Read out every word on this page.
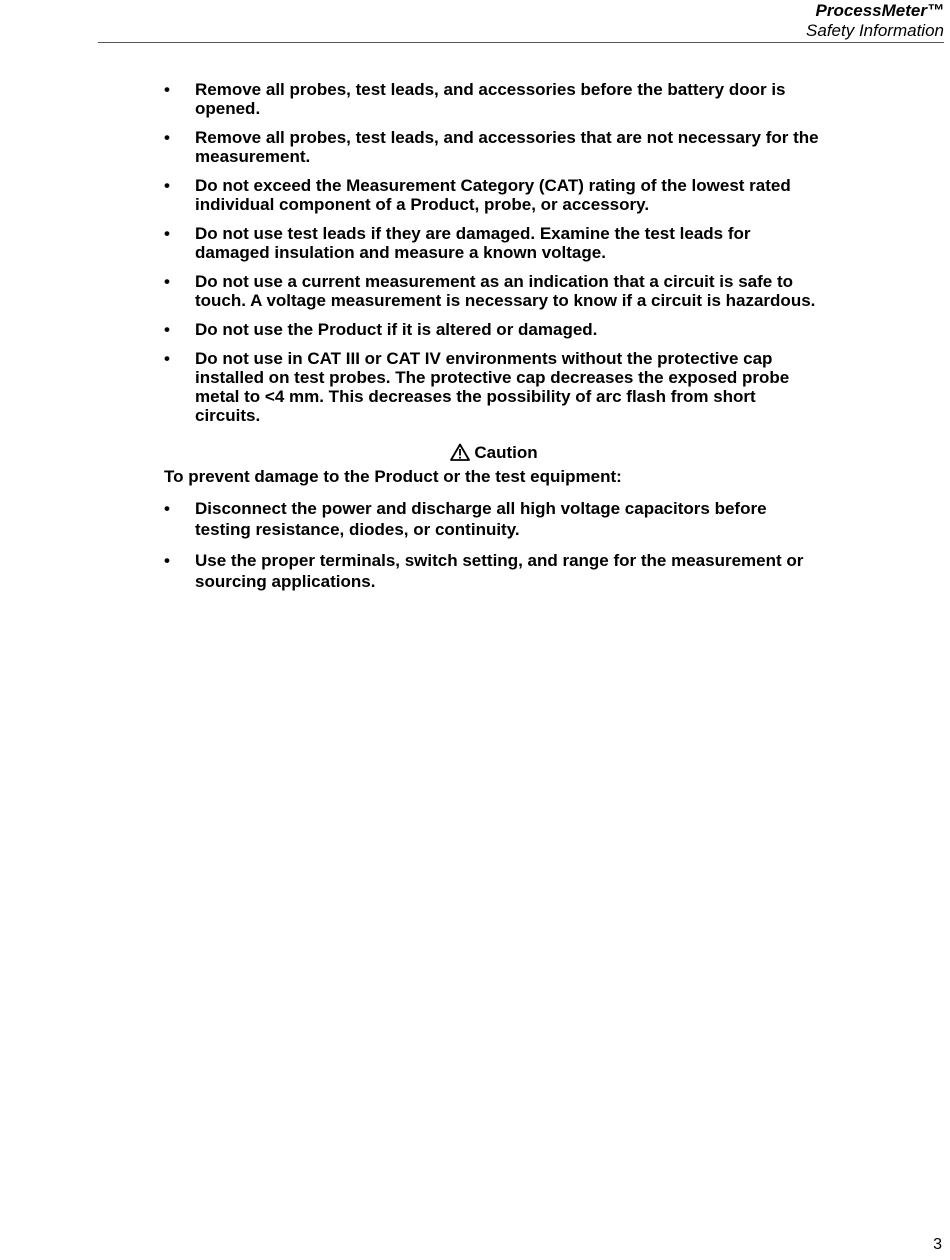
ProcessMeter™
Safety Information
• Remove all probes, test leads, and accessories before the battery door is opened.
• Remove all probes, test leads, and accessories that are not necessary for the measurement.
• Do not exceed the Measurement Category (CAT) rating of the lowest rated individual component of a Product, probe, or accessory.
• Do not use test leads if they are damaged. Examine the test leads for damaged insulation and measure a known voltage.
• Do not use a current measurement as an indication that a circuit is safe to touch. A voltage measurement is necessary to know if a circuit is hazardous.
• Do not use the Product if it is altered or damaged.
• Do not use in CAT III or CAT IV environments without the protective cap installed on test probes. The protective cap decreases the exposed probe metal to <4 mm. This decreases the possibility of arc flash from short circuits.
Caution
To prevent damage to the Product or the test equipment:
• Disconnect the power and discharge all high voltage capacitors before testing resistance, diodes, or continuity.
• Use the proper terminals, switch setting, and range for the measurement or sourcing applications.
3
